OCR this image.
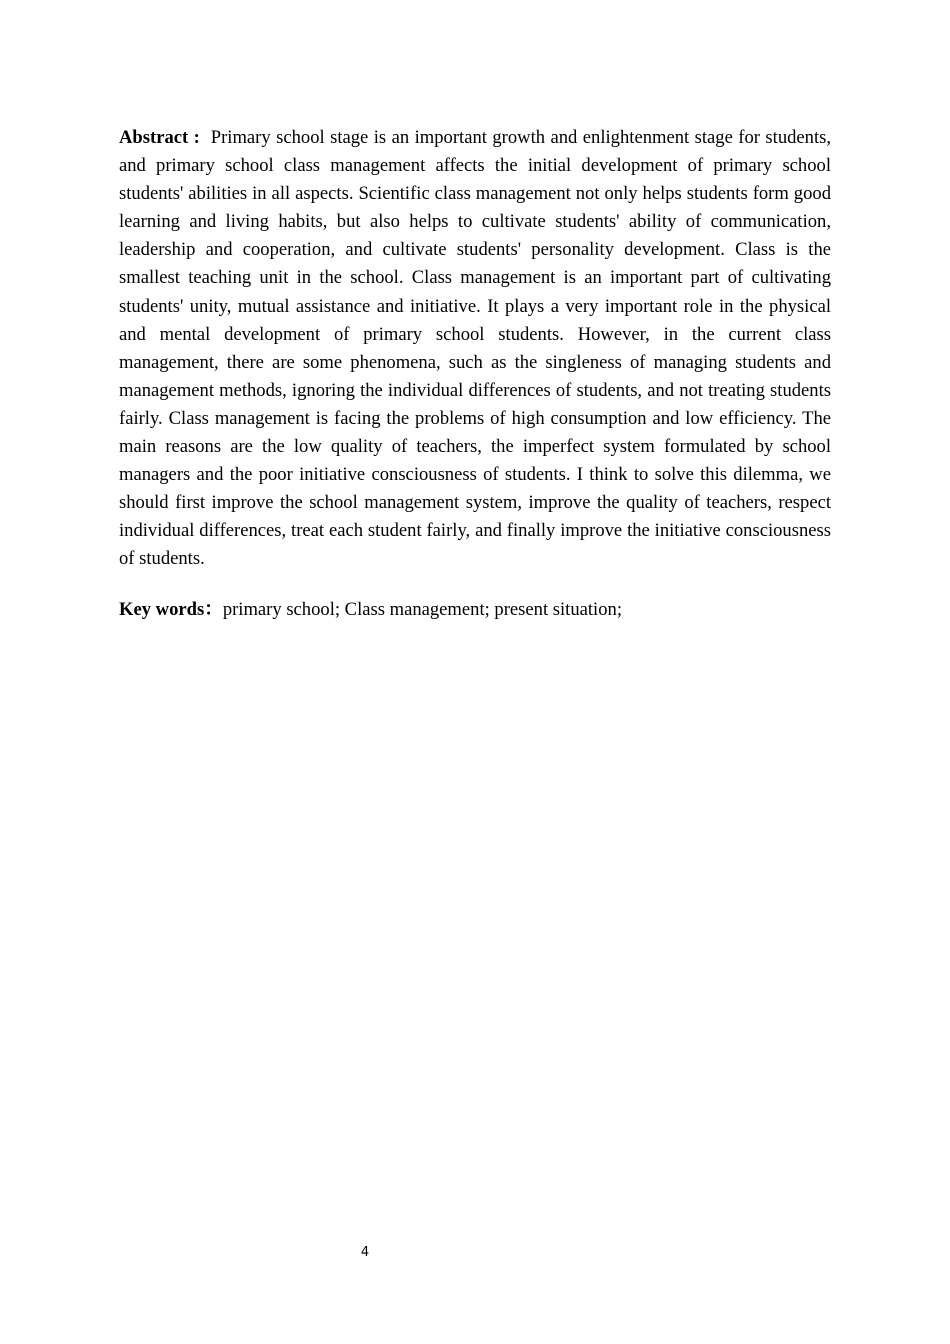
Abstract :  Primary school stage is an important growth and enlightenment stage for students, and primary school class management affects the initial development of primary school students' abilities in all aspects. Scientific class management not only helps students form good learning and living habits, but also helps to cultivate students' ability of communication, leadership and cooperation, and cultivate students' personality development. Class is the smallest teaching unit in the school. Class management is an important part of cultivating students' unity, mutual assistance and initiative. It plays a very important role in the physical and mental development of primary school students. However, in the current class management, there are some phenomena, such as the singleness of managing students and management methods, ignoring the individual differences of students, and not treating students fairly. Class management is facing the problems of high consumption and low efficiency. The main reasons are the low quality of teachers, the imperfect system formulated by school managers and the poor initiative consciousness of students. I think to solve this dilemma, we should first improve the school management system, improve the quality of teachers, respect individual differences, treat each student fairly, and finally improve the initiative consciousness of students.

Key words：primary school; Class management; present situation;

4
